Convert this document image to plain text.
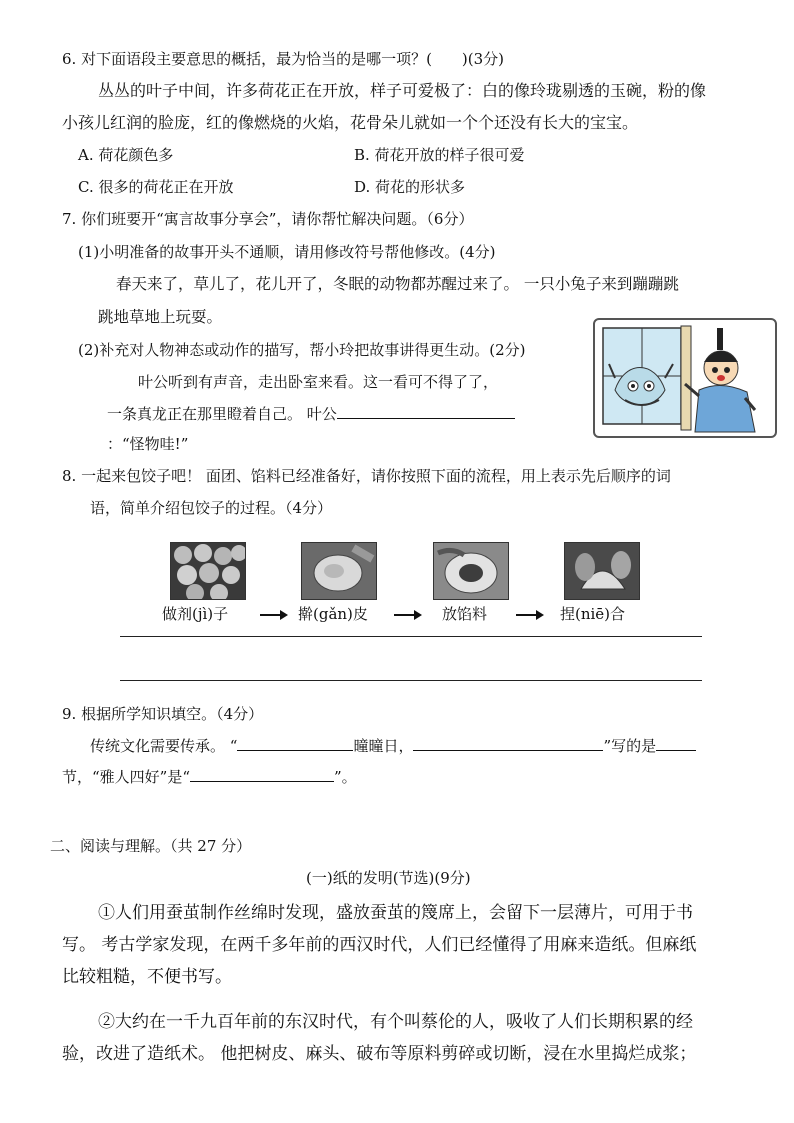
6. 对下面语段主要意思的概括，最为恰当的是哪一项？(　　)(3分)
丛丛的叶子中间，许多荷花正在开放，样子可爱极了：白的像玲珑剔透的玉碗，粉的像
小孩儿红润的脸庞，红的像燃烧的火焰，花骨朵儿就如一个个还没有长大的宝宝。
A. 荷花颜色多	B. 荷花开放的样子很可爱
C. 很多的荷花正在开放	D. 荷花的形状多
7. 你们班要开“寓言故事分享会”，请你帮忙解决问题。（6分）
(1)小明准备的故事开头不通顺，请用修改符号帮他修改。(4分)
春天来了，草儿了，花儿开了，冬眠的动物都苏醒过来了。 一只小兔子来到蹦蹦跳
跳地草地上玩耍。
(2)补充对人物神态或动作的描写，帮小玲把故事讲得更生动。(2分)
叶公听到有声音，走出卧室来看。这一看可不得了了，
一条真龙正在那里瞪着自己。 叶公
：“怪物哇!”
8. 一起来包饺子吧！ 面团、馅料已经准备好，请你按照下面的流程，用上表示先后顺序的词
语，简单介绍包饺子的过程。（4分）
做剂(jì)子	擀(gǎn)皮	放馅料	捏(niē)合
9. 根据所学知识填空。（4分）
传统文化需要传承。 “	曈曈日，	”写的是
节，“雅人四好”是“	”。
二、阅读与理解。（共 27 分）
(一)纸的发明(节选)(9分)
①人们用蚕茧制作丝绵时发现，盛放蚕茧的篾席上，会留下一层薄片，可用于书
写。 考古学家发现，在两千多年前的西汉时代，人们已经懂得了用麻来造纸。但麻纸
比较粗糙，不便书写。
②大约在一千九百年前的东汉时代，有个叫蔡伦的人，吸收了人们长期积累的经
验，改进了造纸术。 他把树皮、麻头、破布等原料剪碎或切断，浸在水里捣烂成浆；
